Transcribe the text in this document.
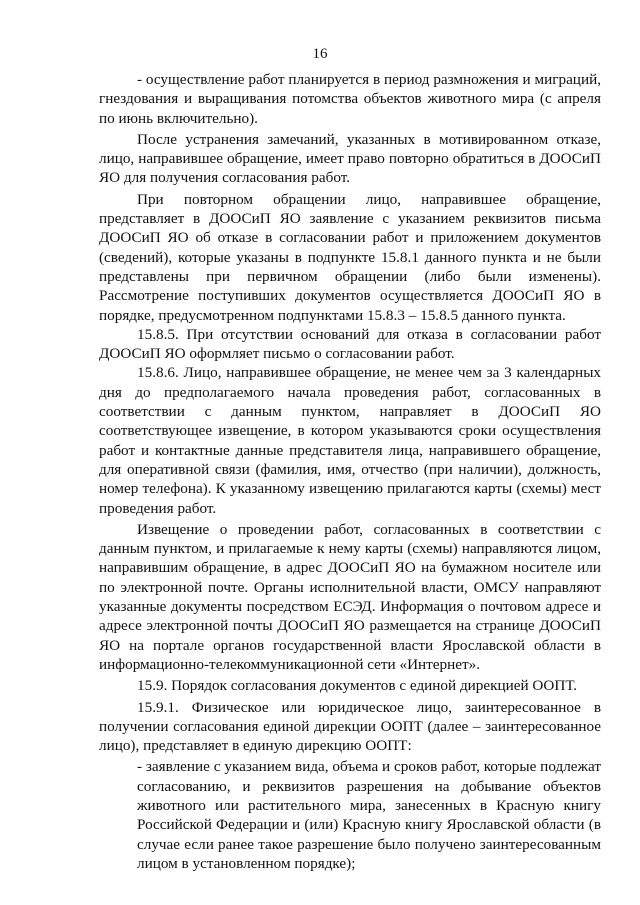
16

- осуществление работ планируется в период размножения и миграций, гнездования и выращивания потомства объектов животного мира (с апреля по июнь включительно).

После устранения замечаний, указанных в мотивированном отказе, лицо, направившее обращение, имеет право повторно обратиться в ДООСиП ЯО для получения согласования работ.

При повторном обращении лицо, направившее обращение, представляет в ДООСиП ЯО заявление с указанием реквизитов письма ДООСиП ЯО об отказе в согласовании работ и приложением документов (сведений), которые указаны в подпункте 15.8.1 данного пункта и не были представлены при первичном обращении (либо были изменены). Рассмотрение поступивших документов осуществляется ДООСиП ЯО в порядке, предусмотренном подпунктами 15.8.3 – 15.8.5 данного пункта.

15.8.5. При отсутствии оснований для отказа в согласовании работ ДООСиП ЯО оформляет письмо о согласовании работ.

15.8.6. Лицо, направившее обращение, не менее чем за 3 календарных дня до предполагаемого начала проведения работ, согласованных в соответствии с данным пунктом, направляет в ДООСиП ЯО соответствующее извещение, в котором указываются сроки осуществления работ и контактные данные представителя лица, направившего обращение, для оперативной связи (фамилия, имя, отчество (при наличии), должность, номер телефона). К указанному извещению прилагаются карты (схемы) мест проведения работ.

Извещение о проведении работ, согласованных в соответствии с данным пунктом, и прилагаемые к нему карты (схемы) направляются лицом, направившим обращение, в адрес ДООСиП ЯО на бумажном носителе или по электронной почте. Органы исполнительной власти, ОМСУ направляют указанные документы посредством ЕСЭД. Информация о почтовом адресе и адресе электронной почты ДООСиП ЯО размещается на странице ДООСиП ЯО на портале органов государственной власти Ярославской области в информационно-телекоммуникационной сети «Интернет».

15.9. Порядок согласования документов с единой дирекцией ООПТ.

15.9.1. Физическое или юридическое лицо, заинтересованное в получении согласования единой дирекции ООПТ (далее – заинтересованное лицо), представляет в единую дирекцию ООПТ:

- заявление с указанием вида, объема и сроков работ, которые подлежат согласованию, и реквизитов разрешения на добывание объектов животного или растительного мира, занесенных в Красную книгу Российской Федерации и (или) Красную книгу Ярославской области (в случае если ранее такое разрешение было получено заинтересованным лицом в установленном порядке);
